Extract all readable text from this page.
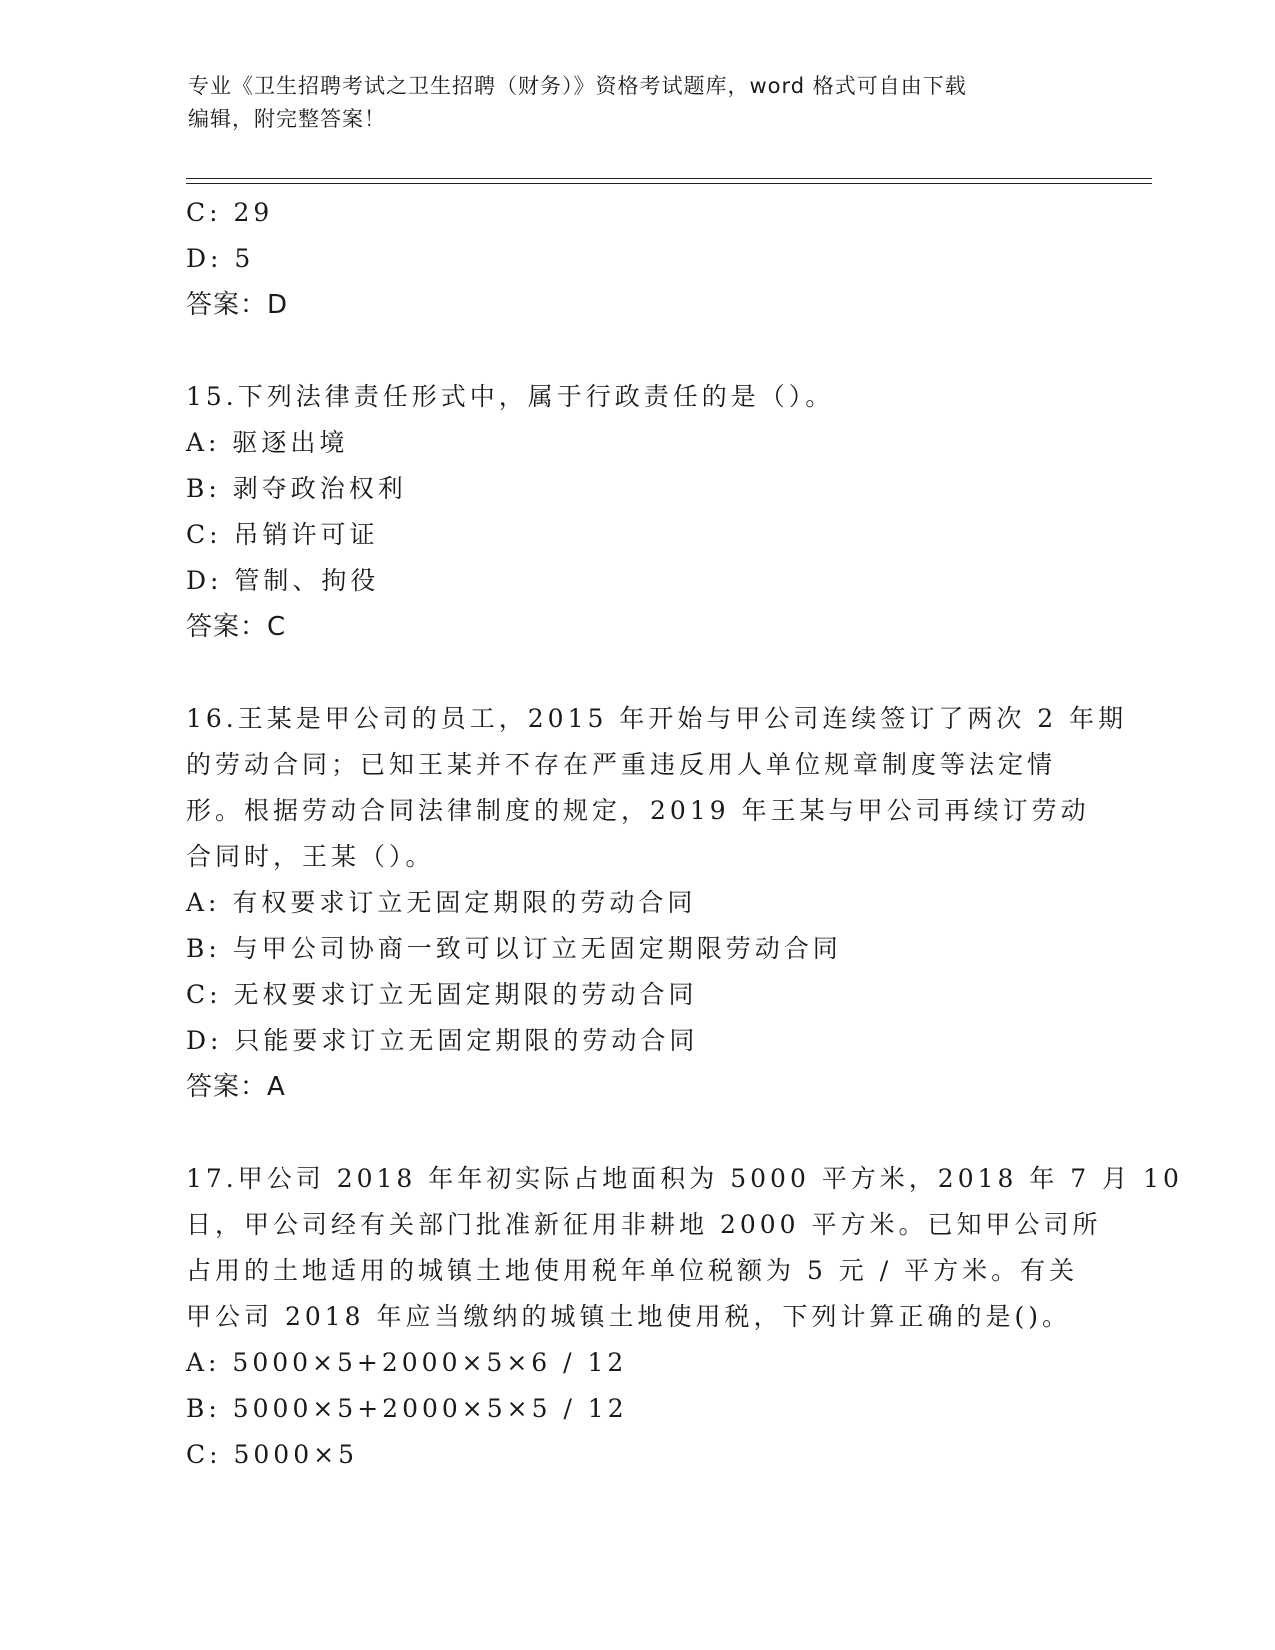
专业《卫生招聘考试之卫生招聘（财务）》资格考试题库，word 格式可自由下载
编辑，附完整答案！
C: 29
D: 5
答案：D
15.下列法律责任形式中，属于行政责任的是（）。
A: 驱逐出境
B: 剥夺政治权利
C: 吊销许可证
D: 管制、拘役
答案：C
16.王某是甲公司的员工，2015 年开始与甲公司连续签订了两次 2 年期
的劳动合同；已知王某并不存在严重违反用人单位规章制度等法定情
形。根据劳动合同法律制度的规定，2019 年王某与甲公司再续订劳动
合同时，王某（）。
A: 有权要求订立无固定期限的劳动合同
B: 与甲公司协商一致可以订立无固定期限劳动合同
C: 无权要求订立无固定期限的劳动合同
D: 只能要求订立无固定期限的劳动合同
答案：A
17.甲公司 2018 年年初实际占地面积为 5000 平方米，2018 年 7 月 10
日，甲公司经有关部门批准新征用非耕地 2000 平方米。已知甲公司所
占用的土地适用的城镇土地使用税年单位税额为 5 元 / 平方米。有关
甲公司 2018 年应当缴纳的城镇土地使用税，下列计算正确的是()。
A: 5000×5+2000×5×6 / 12
B: 5000×5+2000×5×5 / 12
C: 5000×5
